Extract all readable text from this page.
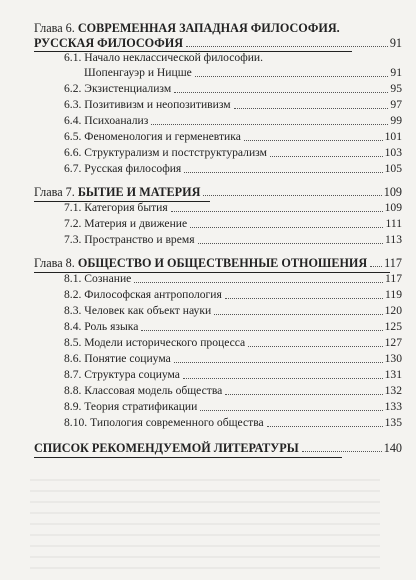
Глава 6. СОВРЕМЕННАЯ ЗАПАДНАЯ ФИЛОСОФИЯ.
РУССКАЯ ФИЛОСОФИЯ	91
6.1. Начало неклассической философии.
Шопенгауэр и Ницше	91
6.2. Экзистенциализм	95
6.3. Позитивизм и неопозитивизм	97
6.4. Психоанализ	99
6.5. Феноменология и герменевтика	101
6.6. Структурализм и постструктурализм	103
6.7. Русская философия	105
Глава 7. БЫТИЕ И МАТЕРИЯ	109
7.1. Категория бытия	109
7.2. Материя и движение	111
7.3. Пространство и время	113
Глава 8. ОБЩЕСТВО И ОБЩЕСТВЕННЫЕ ОТНОШЕНИЯ 117
8.1. Сознание	117
8.2. Философская антропология	119
8.3. Человек как объект науки	120
8.4. Роль языка	125
8.5. Модели исторического процесса	127
8.6. Понятие социума	130
8.7. Структура социума	131
8.8. Классовая модель общества	132
8.9. Теория стратификации	133
8.10. Типология современного общества	135
СПИСОК РЕКОМЕНДУЕМОЙ ЛИТЕРАТУРЫ	140
